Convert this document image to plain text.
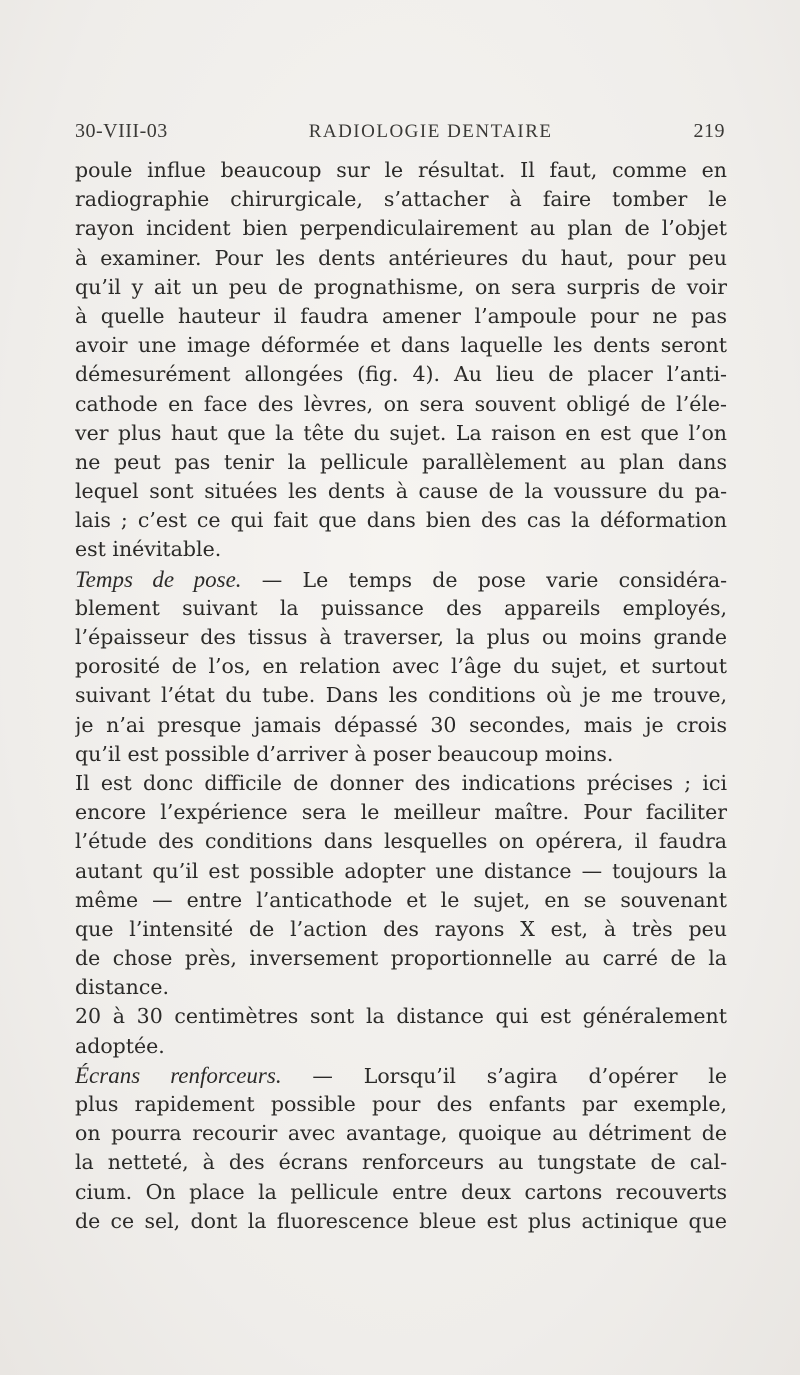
30-VIII-03	RADIOLOGIE DENTAIRE	219
poule influe beaucoup sur le résultat. Il faut, comme en
radiographie chirurgicale, s’attacher à faire tomber le
rayon incident bien perpendiculairement au plan de l’objet
à examiner. Pour les dents antérieures du haut, pour peu
qu’il y ait un peu de prognathisme, on sera surpris de voir
à quelle hauteur il faudra amener l’ampoule pour ne pas
avoir une image déformée et dans laquelle les dents seront
démesurément allongées (fig. 4). Au lieu de placer l’anti-
cathode en face des lèvres, on sera souvent obligé de l’éle-
ver plus haut que la tête du sujet. La raison en est que l’on
ne peut pas tenir la pellicule parallèlement au plan dans
lequel sont situées les dents à cause de la voussure du pa-
lais ; c’est ce qui fait que dans bien des cas la déformation
est inévitable.
Temps de pose. — Le temps de pose varie considéra-
blement suivant la puissance des appareils employés,
l’épaisseur des tissus à traverser, la plus ou moins grande
porosité de l’os, en relation avec l’âge du sujet, et surtout
suivant l’état du tube. Dans les conditions où je me trouve,
je n’ai presque jamais dépassé 30 secondes, mais je crois
qu’il est possible d’arriver à poser beaucoup moins.
Il est donc difficile de donner des indications précises ; ici
encore l’expérience sera le meilleur maître. Pour faciliter
l’étude des conditions dans lesquelles on opérera, il faudra
autant qu’il est possible adopter une distance — toujours la
même — entre l’anticathode et le sujet, en se souvenant
que l’intensité de l’action des rayons X est, à très peu
de chose près, inversement proportionnelle au carré de la
distance.
20 à 30 centimètres sont la distance qui est généralement
adoptée.
Écrans renforceurs. — Lorsqu’il s’agira d’opérer le
plus rapidement possible pour des enfants par exemple,
on pourra recourir avec avantage, quoique au détriment de
la netteté, à des écrans renforceurs au tungstate de cal-
cium. On place la pellicule entre deux cartons recouverts
de ce sel, dont la fluorescence bleue est plus actinique que
